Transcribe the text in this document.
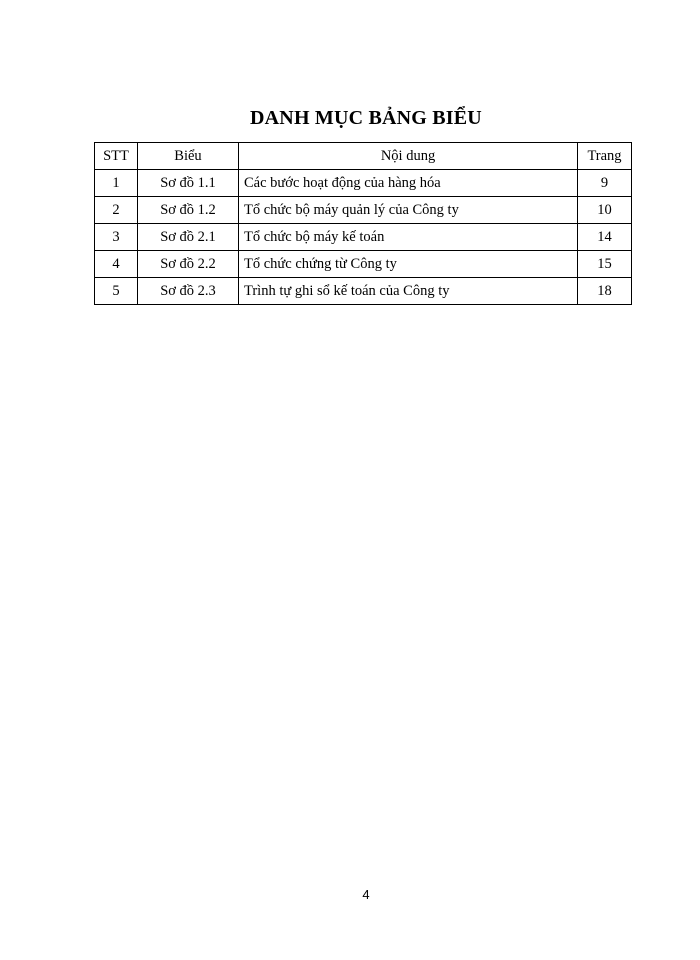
DANH MỤC BẢNG BIỂU
STT	Biểu	Nội dung	Trang
1	Sơ đồ 1.1	Các bước hoạt động của hàng hóa	9
2	Sơ đồ 1.2	Tổ chức bộ máy quản lý của Công ty	10
3	Sơ đồ 2.1	Tổ chức bộ máy kế toán	14
4	Sơ đồ 2.2	Tổ chức chứng từ Công ty	15
5	Sơ đồ 2.3	Trình tự ghi sổ kế toán của Công ty	18
4
